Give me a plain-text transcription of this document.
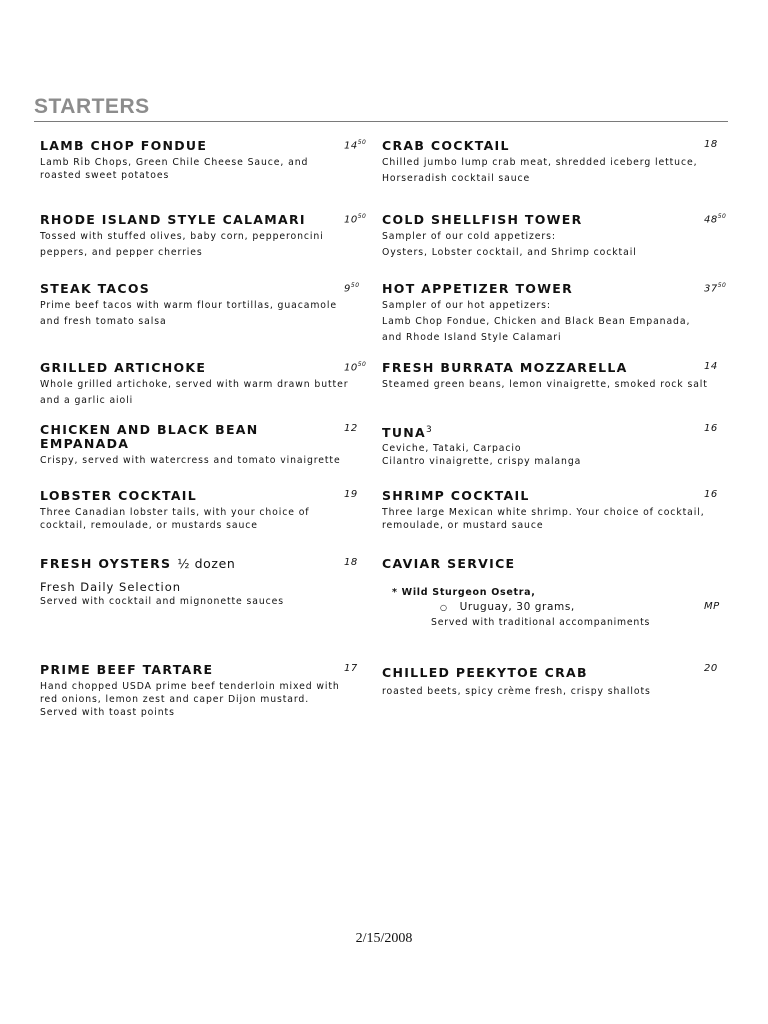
STARTERS
LAMB CHOP FONDUE
Lamb Rib Chops, Green Chile Cheese Sauce, and
roasted sweet potatoes
$14^{50}$
RHODE ISLAND STYLE CALAMARI
Tossed with stuffed olives, baby corn, pepperoncini
peppers, and pepper cherries
$10^{50}$
STEAK TACOS
Prime beef tacos with warm flour tortillas, guacamole
and fresh tomato salsa
$9^{50}$
GRILLED ARTICHOKE
Whole grilled artichoke, served with warm drawn butter
and a garlic aioli
$10^{50}$
CHICKEN AND BLACK BEAN
EMPANADA
Crispy, served with watercress and tomato vinaigrette
12
LOBSTER COCKTAIL
Three Canadian lobster tails, with your choice of
cocktail, remoulade, or mustards sauce
19
FRESH OYSTERS ½ dozen
Fresh Daily Selection
Served with cocktail and mignonette sauces
18
PRIME BEEF TARTARE
Hand chopped USDA prime beef tenderloin mixed with
red onions, lemon zest and caper Dijon mustard.
Served with toast points
17
CRAB COCKTAIL
Chilled jumbo lump crab meat, shredded iceberg lettuce,
Horseradish cocktail sauce
18
COLD SHELLFISH TOWER
Sampler of our cold appetizers:
Oysters, Lobster cocktail, and Shrimp cocktail
$48^{50}$
HOT APPETIZER TOWER
Sampler of our hot appetizers:
Lamb Chop Fondue, Chicken and Black Bean Empanada,
and Rhode Island Style Calamari
$37^{50}$
FRESH BURRATA MOZZARELLA
Steamed green beans, lemon vinaigrette, smoked rock salt
14
TUNA$^3$
Ceviche, Tataki, Carpacio
Cilantro vinaigrette, crispy malanga
16
SHRIMP COCKTAIL
Three large Mexican white shrimp. Your choice of cocktail,
remoulade, or mustard sauce
16
CAVIAR SERVICE
* Wild Sturgeon Osetra,
○ Uruguay, 30 grams,
Served with traditional accompaniments
MP
CHILLED PEEKYTOE CRAB
roasted beets, spicy crème fresh, crispy shallots
20
2/15/2008
